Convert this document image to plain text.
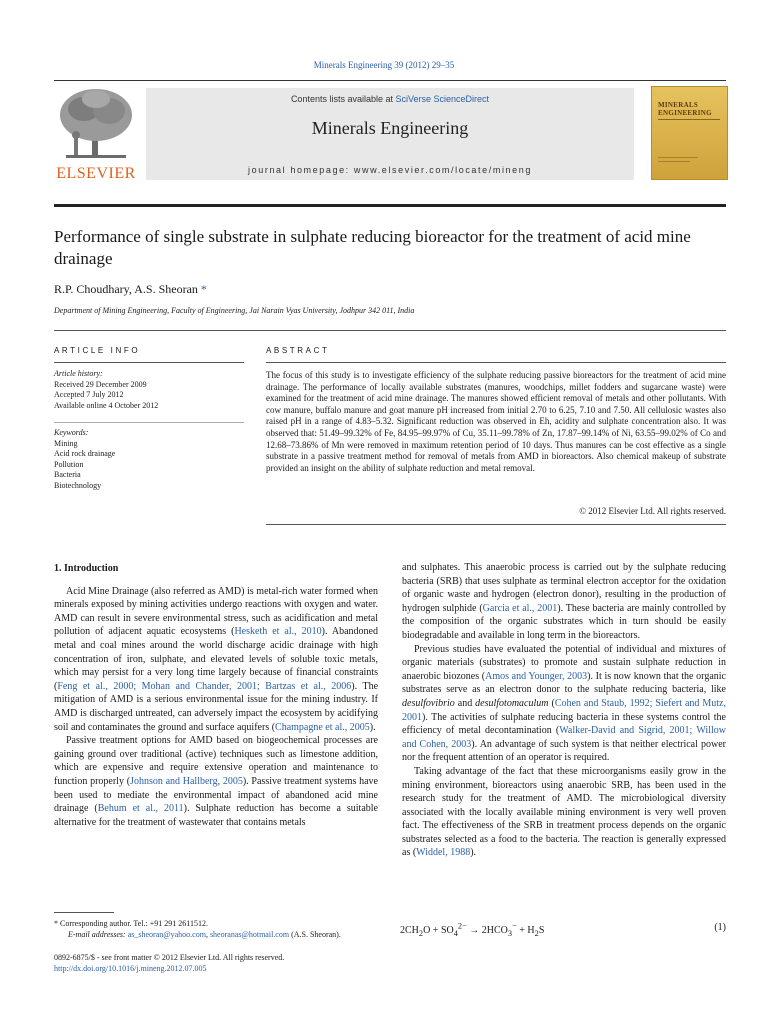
Minerals Engineering 39 (2012) 29–35
ELSEVIER
Contents lists available at SciVerse ScienceDirect
Minerals Engineering
journal homepage: www.elsevier.com/locate/mineng
MINERALS
ENGINEERING
Performance of single substrate in sulphate reducing bioreactor for the treatment of acid mine drainage
R.P. Choudhary, A.S. Sheoran *
Department of Mining Engineering, Faculty of Engineering, Jai Narain Vyas University, Jodhpur 342 011, India
ARTICLE INFO	ABSTRACT
Article history:
Received 29 December 2009
Accepted 7 July 2012
Available online 4 October 2012
Keywords:
Mining
Acid rock drainage
Pollution
Bacteria
Biotechnology
The focus of this study is to investigate efficiency of the sulphate reducing passive bioreactors for the treatment of acid mine drainage. The performance of locally available substrates (manures, woodchips, millet fodders and sugarcane waste) were examined for the treatment of acid mine drainage. The manures showed efficient removal of metals and other pollutants. With cow manure, buffalo manure and goat manure pH increased from initial 2.70 to 6.25, 7.10 and 7.50. All cellulosic wastes also raised pH in a range of 4.83–5.32. Significant reduction was observed in Eh, acidity and sulphate concentration also. It was observed that: 51.49–99.32% of Fe, 84.95–99.97% of Cu, 35.11–99.78% of Zn, 17.87–99.14% of Ni, 63.55–99.02% of Co and 12.68–73.86% of Mn were removed in maximum retention period of 10 days. Thus manures can be cost effective as a single substrate in a passive treatment method for removal of metals from AMD in bioreactors. Also chemical makeup of substrate provided an insight on the ability of sulphate reduction and metal removal.
© 2012 Elsevier Ltd. All rights reserved.
1. Introduction

Acid Mine Drainage (also referred as AMD) is metal-rich water formed when minerals exposed by mining activities undergo reactions with oxygen and water. AMD can result in severe environmental stress, such as acidification and metal pollution of adjacent aquatic ecosystems (Hesketh et al., 2010). Abandoned metal and coal mines around the world discharge acidic drainage with high concentration of iron, sulphate, and elevated levels of soluble toxic metals, which may persist for a very long time largely because of financial constraints (Feng et al., 2000; Mohan and Chander, 2001; Bartzas et al., 2006). The mitigation of AMD is a serious environmental issue for the mining industry. If AMD is discharged untreated, can adversely impact the ecosystem by acidifying soil and contaminates the ground and surface aquifers (Champagne et al., 2005).

Passive treatment options for AMD based on biogeochemical processes are gaining ground over traditional (active) techniques such as limestone addition, which are expensive and require extensive operation and maintenance to function properly (Johnson and Hallberg, 2005). Passive treatment systems have been used to mediate the environmental impact of abandoned acid mine drainage (Behum et al., 2011). Sulphate reduction has become a suitable alternative for the treatment of wastewater that contains metals

and sulphates. This anaerobic process is carried out by the sulphate reducing bacteria (SRB) that uses sulphate as terminal electron acceptor for the oxidation of organic waste and hydrogen (electron donor), resulting in the production of hydrogen sulphide (Garcia et al., 2001). These bacteria are mainly controlled by the composition of the organic substrates which in turn should be easily biodegradable and available in long term in the bioreactors.

Previous studies have evaluated the potential of individual and mixtures of organic materials (substrates) to promote and sustain sulphate reduction in anaerobic biozones (Amos and Younger, 2003). It is now known that the organic substrates serve as an electron donor to the sulphate reducing bacteria, like desulfovibrio and desulfotomaculum (Cohen and Staub, 1992; Siefert and Mutz, 2001). The activities of sulphate reducing bacteria in these systems control the efficiency of metal decontamination (Walker-David and Sigrid, 2001; Willow and Cohen, 2003). An advantage of such system is that neither electrical power nor the frequent attention of an operator is required.

Taking advantage of the fact that these microorganisms easily grow in the mining environment, bioreactors using anaerobic SRB, has been used in the research study for the treatment of AMD. The microbiological diversity associated with the locally available mining environment is very well proven fact. The effectiveness of the SRB in treatment process depends on the organic substrates selected as a food to the bacteria. The reaction is generally expressed as (Widdel, 1988).

$2CH_2O + SO_4^{2-} \to 2HCO_3^- + H_2S$	(1)
* Corresponding author. Tel.: +91 291 2611512.
E-mail addresses: as_sheoran@yahoo.com, sheoranas@hotmail.com (A.S. Sheoran).
0892-6875/$ - see front matter © 2012 Elsevier Ltd. All rights reserved.
http://dx.doi.org/10.1016/j.mineng.2012.07.005
